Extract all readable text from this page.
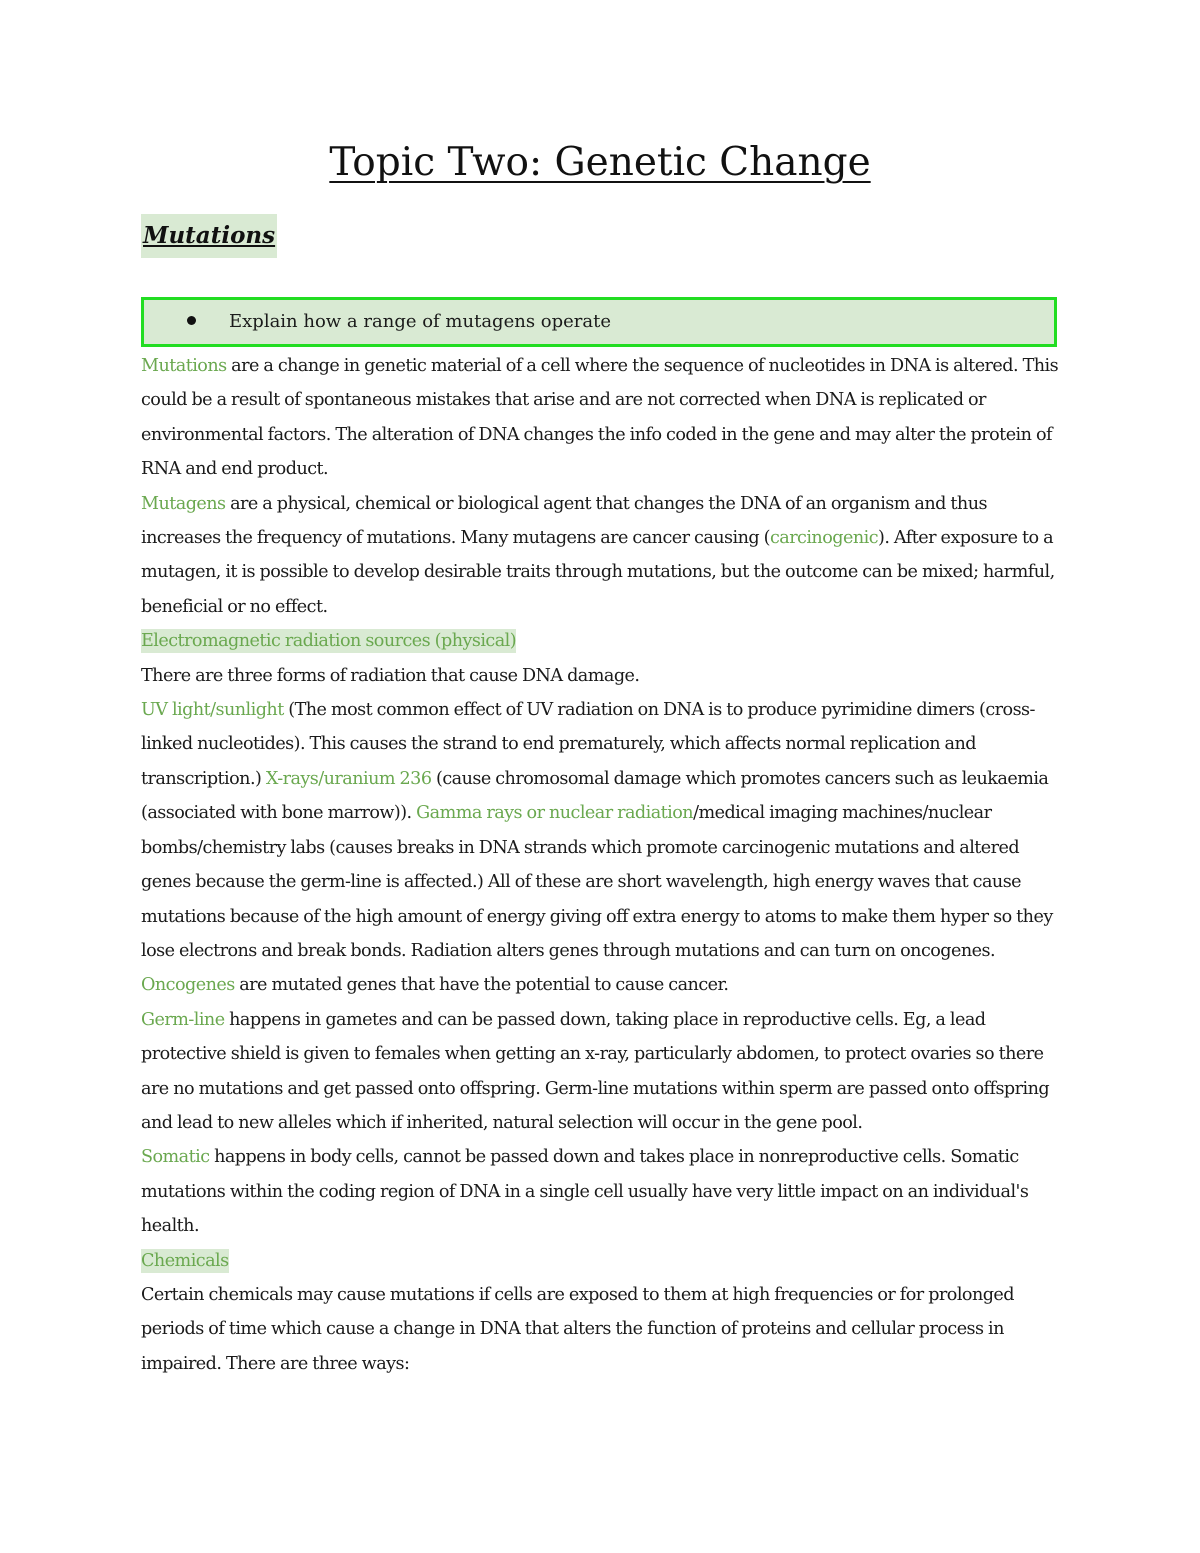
Topic Two: Genetic Change
Mutations
Explain how a range of mutagens operate

Mutations are a change in genetic material of a cell where the sequence of nucleotides in DNA is altered. This could be a result of spontaneous mistakes that arise and are not corrected when DNA is replicated or environmental factors. The alteration of DNA changes the info coded in the gene and may alter the protein of RNA and end product.

Mutagens are a physical, chemical or biological agent that changes the DNA of an organism and thus increases the frequency of mutations. Many mutagens are cancer causing (carcinogenic). After exposure to a mutagen, it is possible to develop desirable traits through mutations, but the outcome can be mixed; harmful, beneficial or no effect.

Electromagnetic radiation sources (physical)

There are three forms of radiation that cause DNA damage.

UV light/sunlight (The most common effect of UV radiation on DNA is to produce pyrimidine dimers (cross-linked nucleotides). This causes the strand to end prematurely, which affects normal replication and transcription.) X-rays/uranium 236 (cause chromosomal damage which promotes cancers such as leukaemia (associated with bone marrow)). Gamma rays or nuclear radiation/medical imaging machines/nuclear bombs/chemistry labs (causes breaks in DNA strands which promote carcinogenic mutations and altered genes because the germ-line is affected.) All of these are short wavelength, high energy waves that cause mutations because of the high amount of energy giving off extra energy to atoms to make them hyper so they lose electrons and break bonds. Radiation alters genes through mutations and can turn on oncogenes.

Oncogenes are mutated genes that have the potential to cause cancer.

Germ-line happens in gametes and can be passed down, taking place in reproductive cells. Eg, a lead protective shield is given to females when getting an x-ray, particularly abdomen, to protect ovaries so there are no mutations and get passed onto offspring. Germ-line mutations within sperm are passed onto offspring and lead to new alleles which if inherited, natural selection will occur in the gene pool.

Somatic happens in body cells, cannot be passed down and takes place in nonreproductive cells. Somatic mutations within the coding region of DNA in a single cell usually have very little impact on an individual's health.

Chemicals

Certain chemicals may cause mutations if cells are exposed to them at high frequencies or for prolonged periods of time which cause a change in DNA that alters the function of proteins and cellular process in impaired. There are three ways:
